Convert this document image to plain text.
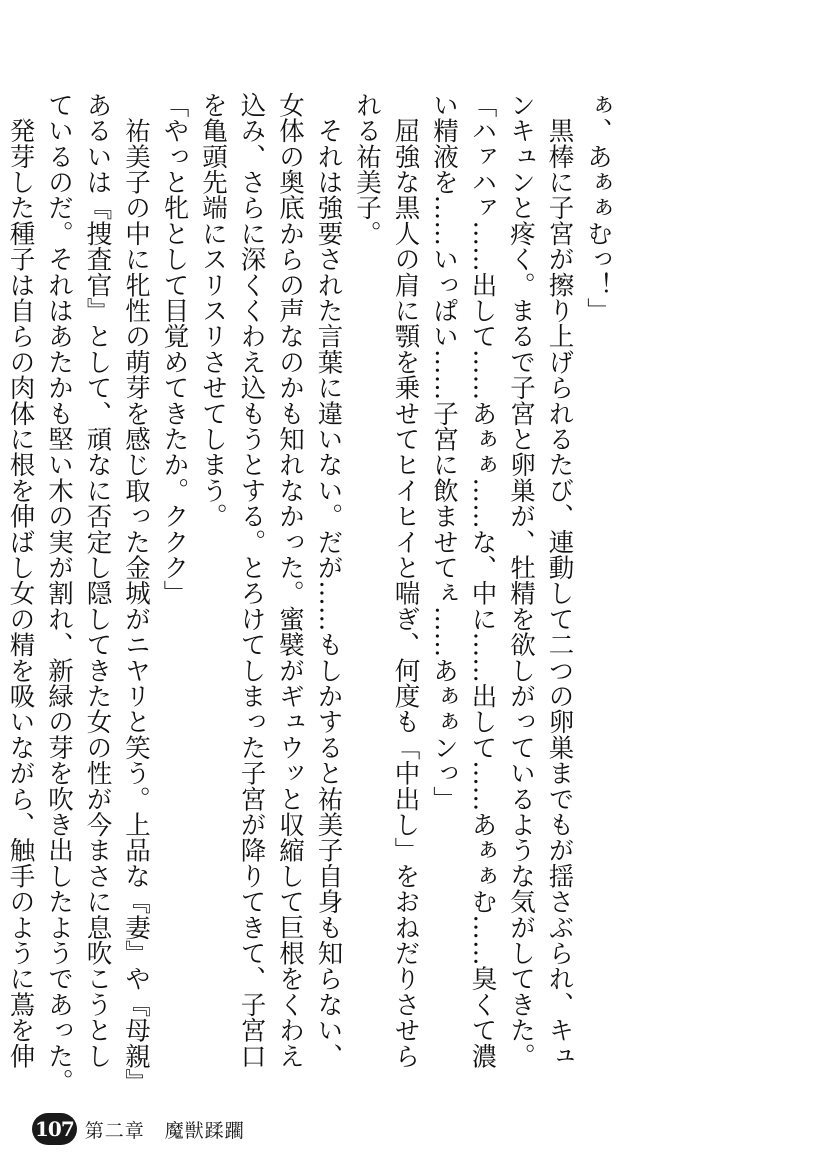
ぁ、あぁぁむっ！」
　黒棒に子宮が擦り上げられるたび、連動して二つの卵巣までもが揺さぶられ、キュ
ンキュンと疼く。まるで子宮と卵巣が、牡精を欲しがっているような気がしてきた。
「ハァハァ……出して……あぁぁ……な、中に……出して……あぁぁむ……臭くて濃
い精液を……いっぱい……子宮に飲ませてぇ……あぁぁンっ」
　屈強な黒人の肩に顎を乗せてヒイヒイと喘ぎ、何度も「中出し」をおねだりさせら
れる祐美子。
　それは強要された言葉に違いない。だが……もしかすると祐美子自身も知らない、
女体の奥底からの声なのかも知れなかった。蜜襞がギュウッと収縮して巨根をくわえ
込み、さらに深くくわえ込もうとする。とろけてしまった子宮が降りてきて、子宮口
を亀頭先端にスリスリさせてしまう。
「やっと牝として目覚めてきたか。ククク」
　祐美子の中に牝性の萌芽を感じ取った金城がニヤリと笑う。上品な『妻』や『母親』
あるいは『捜査官』として、頑なに否定し隠してきた女の性が今まさに息吹こうとし
ているのだ。それはあたかも堅い木の実が割れ、新緑の芽を吹き出したようであった。
　発芽した種子は自らの肉体に根を伸ばし女の精を吸いながら、触手のように蔦を伸
107 第二章　魔獣蹂躙
